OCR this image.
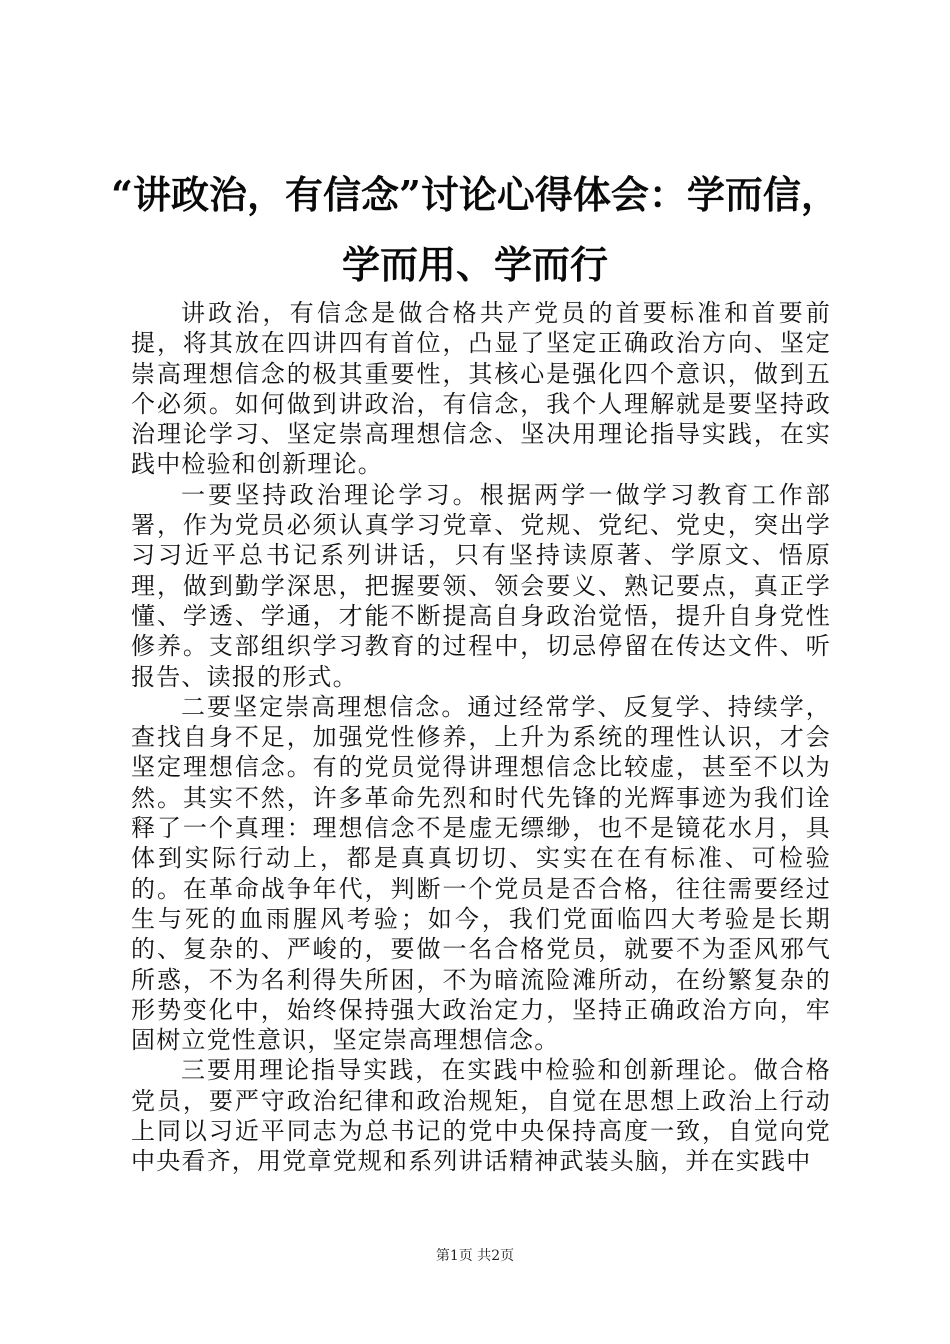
“讲政治，有信念”讨论心得体会：学而信，
学而用、学而行

讲政治，有信念是做合格共产党员的首要标准和首要前提，将其放在四讲四有首位，凸显了坚定正确政治方向、坚定崇高理想信念的极其重要性，其核心是强化四个意识，做到五个必须。如何做到讲政治，有信念，我个人理解就是要坚持政治理论学习、坚定崇高理想信念、坚决用理论指导实践，在实践中检验和创新理论。

一要坚持政治理论学习。根据两学一做学习教育工作部署，作为党员必须认真学习党章、党规、党纪、党史，突出学习习近平总书记系列讲话，只有坚持读原著、学原文、悟原理，做到勤学深思，把握要领、领会要义、熟记要点，真正学懂、学透、学通，才能不断提高自身政治觉悟，提升自身党性修养。支部组织学习教育的过程中，切忌停留在传达文件、听报告、读报的形式。

二要坚定崇高理想信念。通过经常学、反复学、持续学，查找自身不足，加强党性修养，上升为系统的理性认识，才会坚定理想信念。有的党员觉得讲理想信念比较虚，甚至不以为然。其实不然，许多革命先烈和时代先锋的光辉事迹为我们诠释了一个真理：理想信念不是虚无缥缈，也不是镜花水月，具体到实际行动上，都是真真切切、实实在在有标准、可检验的。在革命战争年代，判断一个党员是否合格，往往需要经过生与死的血雨腥风考验；如今，我们党面临四大考验是长期的、复杂的、严峻的，要做一名合格党员，就要不为歪风邪气所惑，不为名利得失所困，不为暗流险滩所动，在纷繁复杂的形势变化中，始终保持强大政治定力，坚持正确政治方向，牢固树立党性意识，坚定崇高理想信念。

三要用理论指导实践，在实践中检验和创新理论。做合格党员，要严守政治纪律和政治规矩，自觉在思想上政治上行动上同以习近平同志为总书记的党中央保持高度一致，自觉向党中央看齐，用党章党规和系列讲话精神武装头脑，并在实践中

第1页 共2页
